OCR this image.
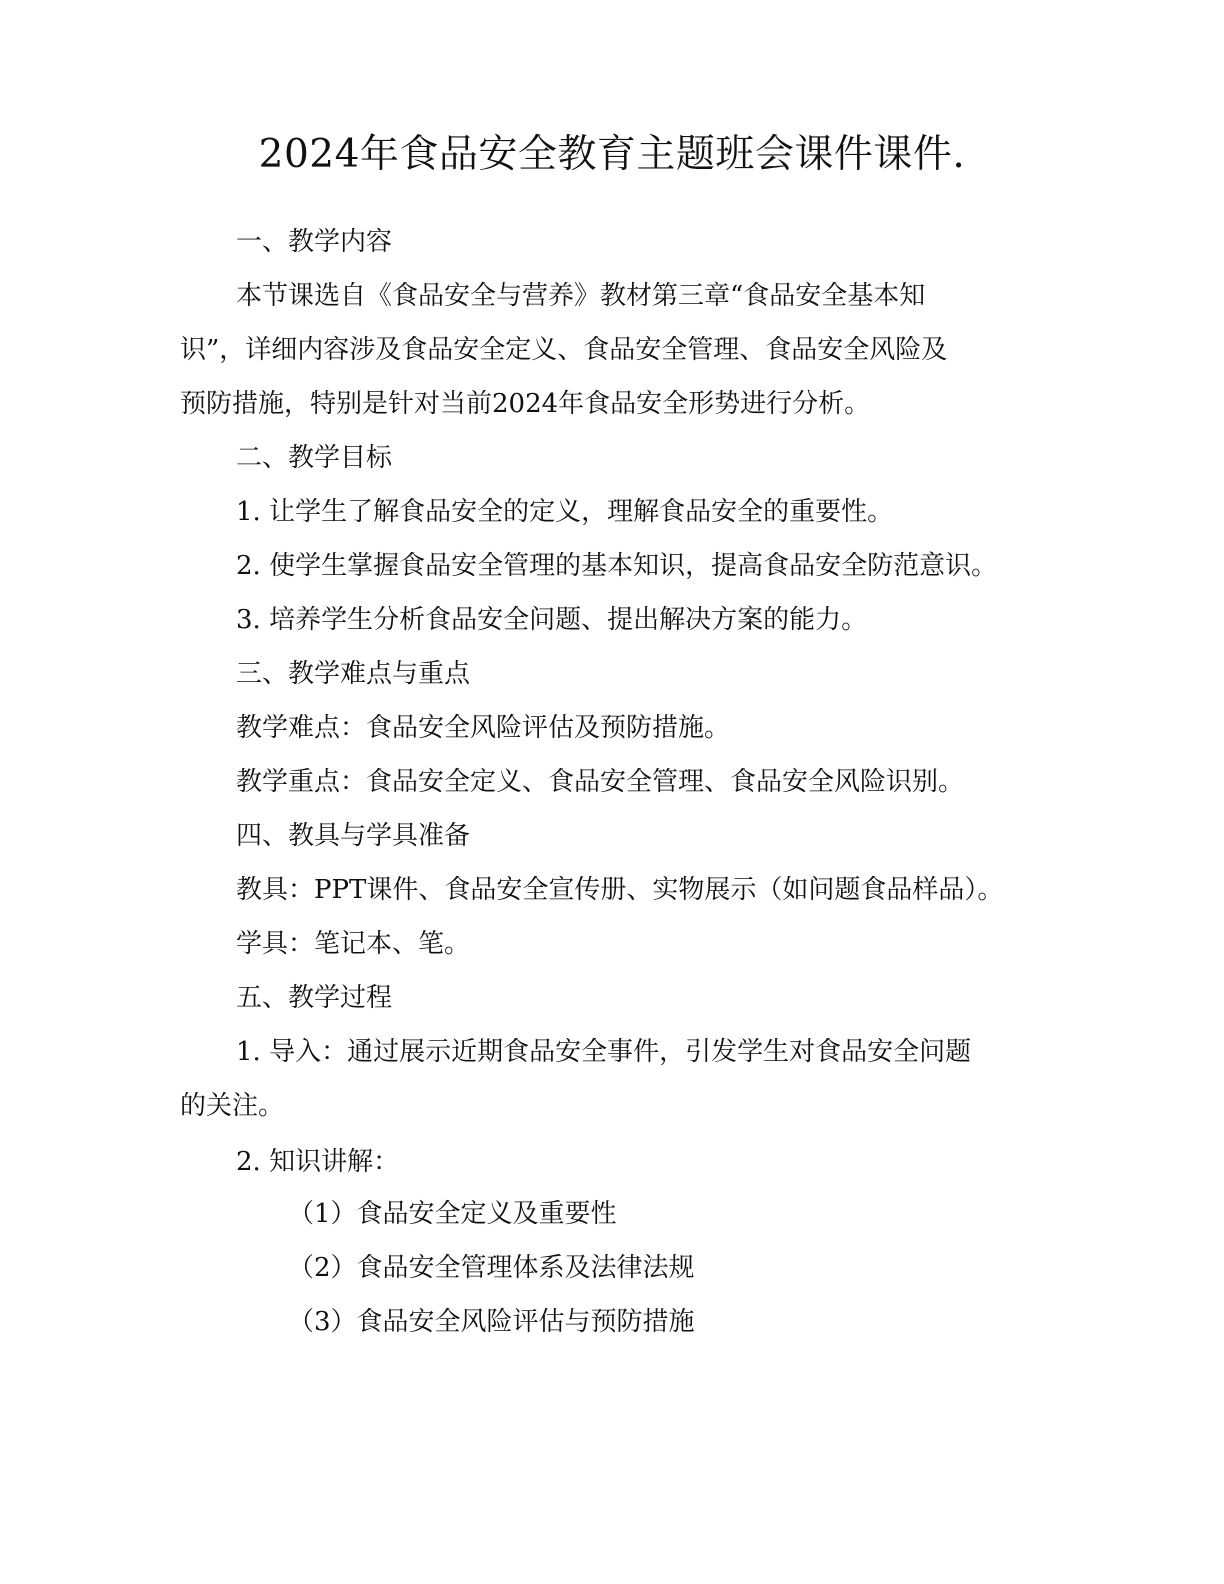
2024年食品安全教育主题班会课件课件.
一、教学内容
本节课选自《食品安全与营养》教材第三章“食品安全基本知
识”，详细内容涉及食品安全定义、食品安全管理、食品安全风险及
预防措施，特别是针对当前2024年食品安全形势进行分析。
二、教学目标
1. 让学生了解食品安全的定义，理解食品安全的重要性。
2. 使学生掌握食品安全管理的基本知识，提高食品安全防范意识。
3. 培养学生分析食品安全问题、提出解决方案的能力。
三、教学难点与重点
教学难点：食品安全风险评估及预防措施。
教学重点：食品安全定义、食品安全管理、食品安全风险识别。
四、教具与学具准备
教具：PPT课件、食品安全宣传册、实物展示（如问题食品样品）。
学具：笔记本、笔。
五、教学过程
1. 导入：通过展示近期食品安全事件，引发学生对食品安全问题
的关注。
2. 知识讲解：
（1）食品安全定义及重要性
（2）食品安全管理体系及法律法规
（3）食品安全风险评估与预防措施
